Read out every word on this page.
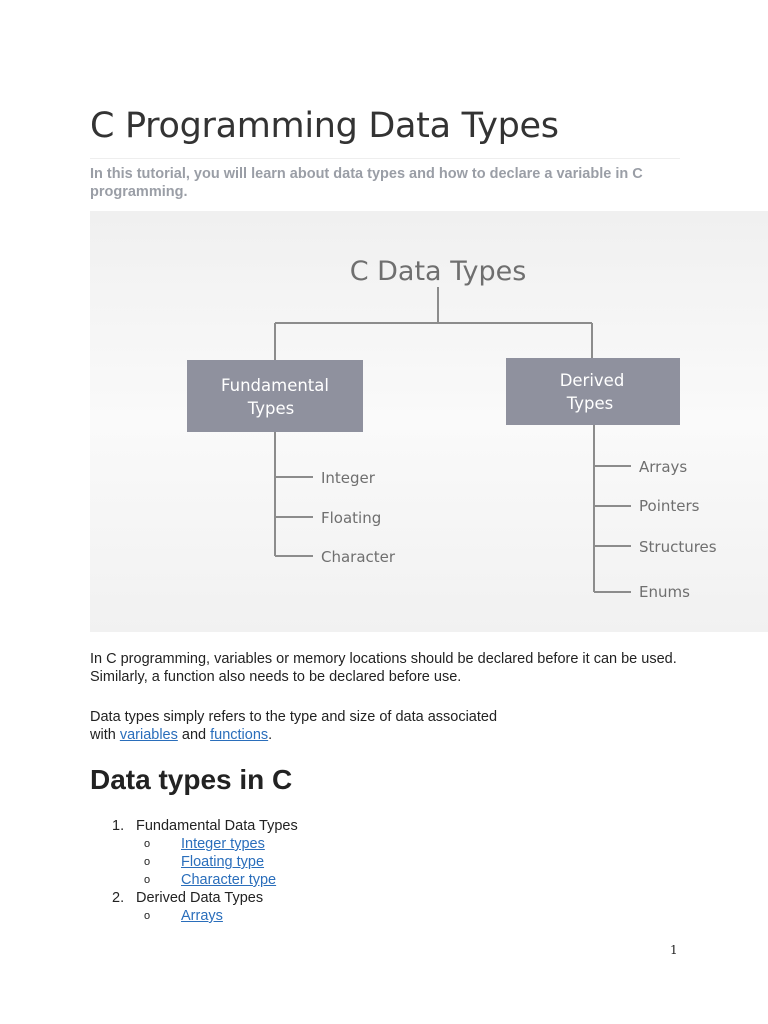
C Programming Data Types

In this tutorial, you will learn about data types and how to declare a variable in C programming.

C Data Types
Fundamental
Types
Derived
Types
Integer
Floating
Character
Arrays
Pointers
Structures
Enums

In C programming, variables or memory locations should be declared before it can be used. Similarly, a function also needs to be declared before use.

Data types simply refers to the type and size of data associated
with variables and functions.

Data types in C
1. Fundamental Data Types
o Integer types
o Floating type
o Character type
2. Derived Data Types
o Arrays
1
